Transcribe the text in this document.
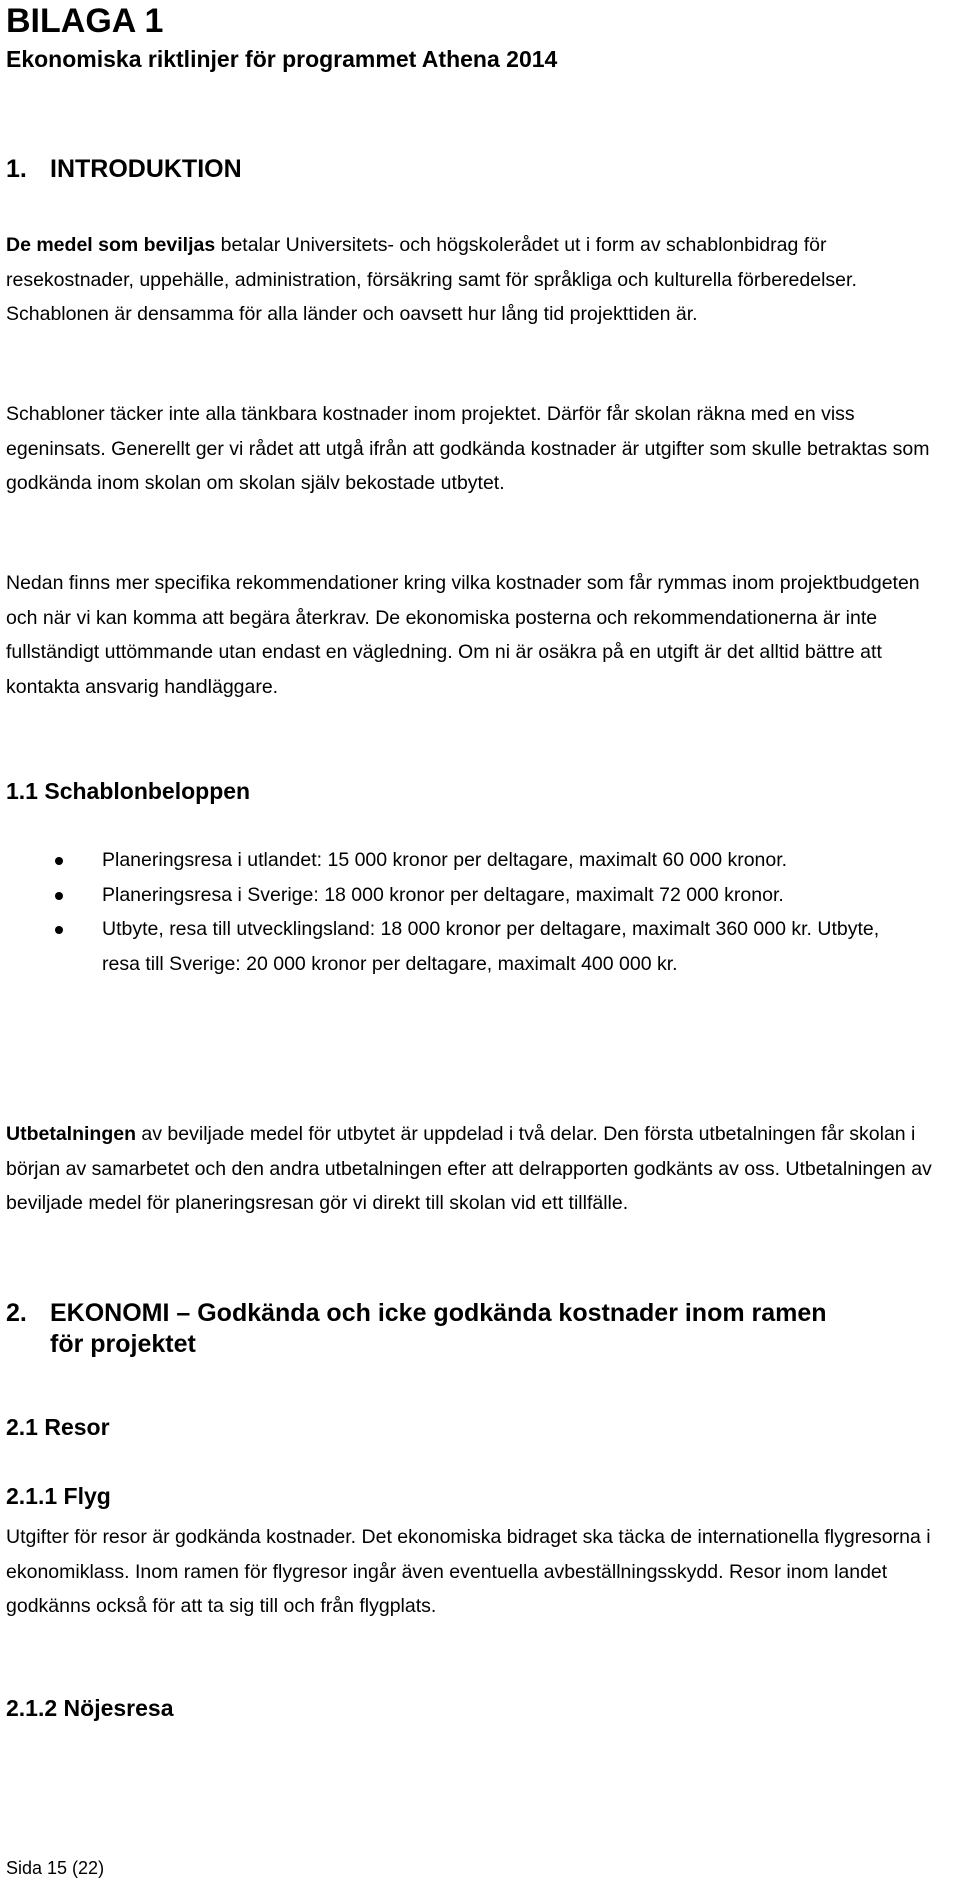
BILAGA 1
Ekonomiska riktlinjer för programmet Athena 2014
1. INTRODUKTION
De medel som beviljas betalar Universitets- och högskolerådet ut i form av schablonbidrag för resekostnader, uppehälle, administration, försäkring samt för språkliga och kulturella förberedelser. Schablonen är densamma för alla länder och oavsett hur lång tid projekttiden är.
Schabloner täcker inte alla tänkbara kostnader inom projektet. Därför får skolan räkna med en viss egeninsats. Generellt ger vi rådet att utgå ifrån att godkända kostnader är utgifter som skulle betraktas som godkända inom skolan om skolan själv bekostade utbytet.
Nedan finns mer specifika rekommendationer kring vilka kostnader som får rymmas inom projektbudgeten och när vi kan komma att begära återkrav. De ekonomiska posterna och rekommendationerna är inte fullständigt uttömmande utan endast en vägledning. Om ni är osäkra på en utgift är det alltid bättre att kontakta ansvarig handläggare.
1.1 Schablonbeloppen
Planeringsresa i utlandet: 15 000 kronor per deltagare, maximalt 60 000 kronor.
Planeringsresa i Sverige: 18 000 kronor per deltagare, maximalt 72 000 kronor.
Utbyte, resa till utvecklingsland: 18 000 kronor per deltagare, maximalt 360 000 kr. Utbyte, resa till Sverige: 20 000 kronor per deltagare, maximalt 400 000 kr.
Utbetalningen av beviljade medel för utbytet är uppdelad i två delar. Den första utbetalningen får skolan i början av samarbetet och den andra utbetalningen efter att delrapporten godkänts av oss. Utbetalningen av beviljade medel för planeringsresan gör vi direkt till skolan vid ett tillfälle.
2. EKONOMI – Godkända och icke godkända kostnader inom ramen för projektet
2.1 Resor
2.1.1 Flyg
Utgifter för resor är godkända kostnader. Det ekonomiska bidraget ska täcka de internationella flygresorna i ekonomiklass. Inom ramen för flygresor ingår även eventuella avbeställningsskydd. Resor inom landet godkänns också för att ta sig till och från flygplats.
2.1.2 Nöjesresa
Sida 15 (22)
